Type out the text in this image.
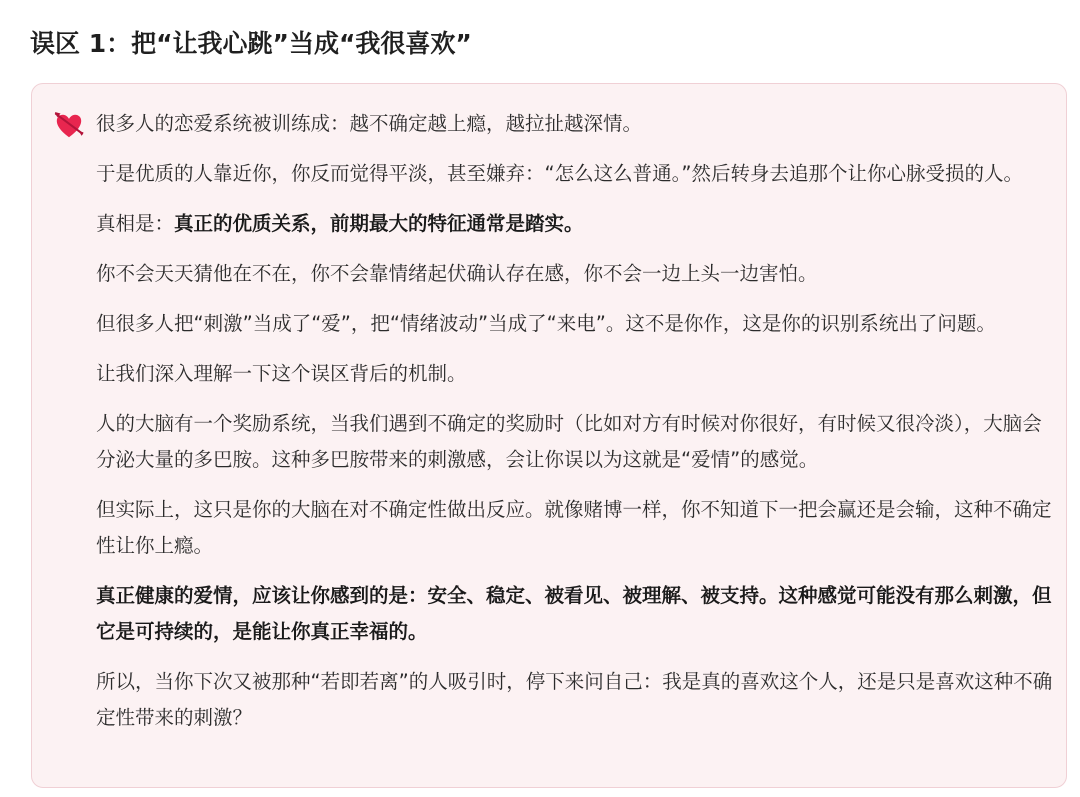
误区 1：把“让我心跳”当成“我很喜欢”

很多人的恋爱系统被训练成：越不确定越上瘾，越拉扯越深情。

于是优质的人靠近你，你反而觉得平淡，甚至嫌弃：“怎么这么普通。”然后转身去追那个让你心脉受损的人。

真相是：真正的优质关系，前期最大的特征通常是踏实。

你不会天天猜他在不在，你不会靠情绪起伏确认存在感，你不会一边上头一边害怕。

但很多人把“刺激”当成了“爱”，把“情绪波动”当成了“来电”。这不是你作，这是你的识别系统出了问题。

让我们深入理解一下这个误区背后的机制。

人的大脑有一个奖励系统，当我们遇到不确定的奖励时（比如对方有时候对你很好，有时候又很冷淡），大脑会分泌大量的多巴胺。这种多巴胺带来的刺激感，会让你误以为这就是“爱情”的感觉。

但实际上，这只是你的大脑在对不确定性做出反应。就像赌博一样，你不知道下一把会赢还是会输，这种不确定性让你上瘾。

真正健康的爱情，应该让你感到的是：安全、稳定、被看见、被理解、被支持。这种感觉可能没有那么刺激，但它是可持续的，是能让你真正幸福的。

所以，当你下次又被那种“若即若离”的人吸引时，停下来问自己：我是真的喜欢这个人，还是只是喜欢这种不确定性带来的刺激？
